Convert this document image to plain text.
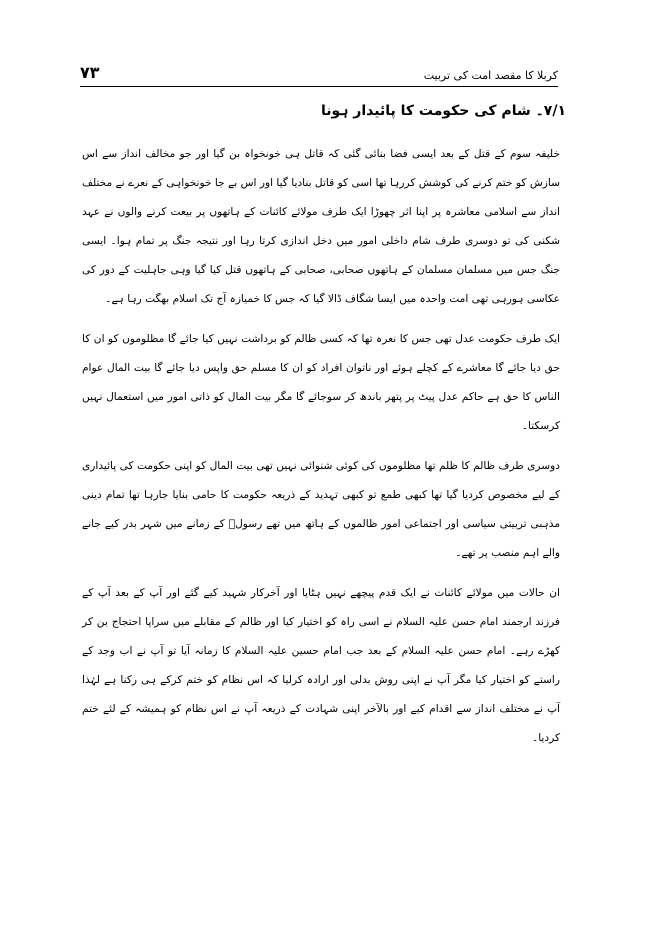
۷۳	کربلا کا مقصد امت کی تربیت
۷/۱۔ شام کی حکومت کا پائیدار ہونا

خلیفہ سوم کے قتل کے بعد ایسی فضا بنائی گئی کہ قاتل ہی خونخواہ بن گیا اور جو مخالف انداز سے اس سازش کو ختم کرنے کی کوشش کررہا تھا اسی کو قاتل بنادیا گیا اور اس بے جا خونخواہی کے نعرے نے مختلف انداز سے اسلامی معاشرہ پر اپنا اثر چھوڑا ایک طرف مولائے کائنات کے ہاتھوں پر بیعت کرنے والوں نے عہد شکنی کی تو دوسری طرف شام داخلی امور میں دخل اندازی کرتا رہا اور نتیجہ جنگ پر تمام ہوا۔ ایسی جنگ جس میں مسلمان مسلمان کے ہاتھوں صحابی، صحابی کے ہاتھوں قتل کیا گیا وہی جاہلیت کے دور کی عکاسی ہورہی تھی امت واحدہ میں ایسا شگاف ڈالا گیا کہ جس کا خمیازہ آج تک اسلام بھگت رہا ہے۔

ایک طرف حکومت عدل تھی جس کا نعرہ تھا کہ کسی ظالم کو برداشت نہیں کیا جائے گا مظلوموں کو ان کا حق دیا جائے گا معاشرے کے کچلے ہوئے اور ناتوان افراد کو ان کا مسلم حق واپس دیا جائے گا بیت المال عوام الناس کا حق ہے حاکم عدل پیٹ پر پتھر باندھ کر سوجائے گا مگر بیت المال کو ذاتی امور میں استعمال نہیں کرسکتا۔

دوسری طرف ظالم کا ظلم تھا مظلوموں کی کوئی شنوائی نہیں تھی بیت المال کو اپنی حکومت کی پائیداری کے لیے مخصوص کردیا گیا تھا کبھی طمع تو کبھی تہدید کے ذریعہ حکومت کا حامی بنایا جارہا تھا تمام دینی مذہبی تربیتی سیاسی اور اجتماعی امور ظالموں کے ہاتھ میں تھے رسولؐ کے زمانے میں شہر بدر کیے جانے والے اہم منصب پر تھے۔

ان حالات میں مولائے کائنات نے ایک قدم پیچھے نہیں ہٹایا اور آخرکار شہید کیے گئے اور آپ کے بعد آپ کے فرزند ارجمند امام حسن علیہ السلام نے اسی راہ کو اختیار کیا اور ظالم کے مقابلے میں سراپا احتجاج بن کر کھڑے رہے۔ امام حسن علیہ السلام کے بعد جب امام حسین علیہ السلام کا زمانہ آیا تو آپ نے اب وجد کے راستے کو اختیار کیا مگر آپ نے اپنی روش بدلی اور ارادہ کرلیا کہ اس نظام کو ختم کرکے ہی رکنا ہے لہٰذا آپ نے مختلف انداز سے اقدام کیے اور بالآخر اپنی شہادت کے ذریعہ آپ نے اس نظام کو ہمیشہ کے لئے ختم کردیا۔
